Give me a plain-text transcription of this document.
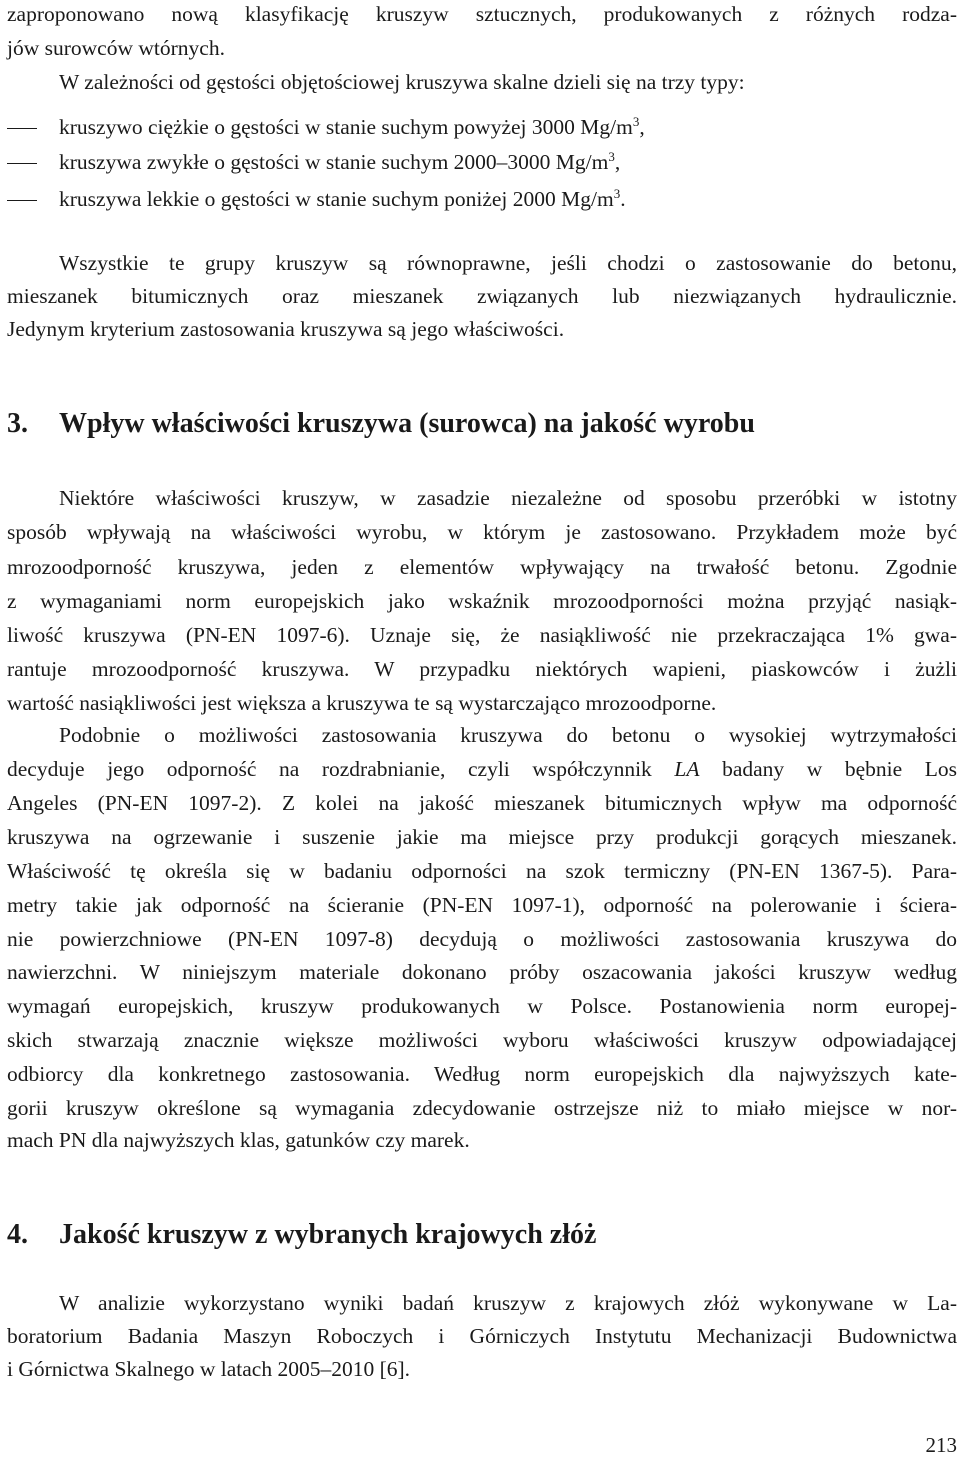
zaproponowano nową klasyfikację kruszyw sztucznych, produkowanych z różnych rodza-
jów surowców wtórnych.
W zależności od gęstości objętościowej kruszywa skalne dzieli się na trzy typy:
kruszywo ciężkie o gęstości w stanie suchym powyżej 3000 $Mg/m^3$,
kruszywa zwykłe o gęstości w stanie suchym 2000–3000 $Mg/m^3$,
kruszywa lekkie o gęstości w stanie suchym poniżej 2000 $Mg/m^3$.
Wszystkie te grupy kruszyw są równoprawne, jeśli chodzi o zastosowanie do betonu,
mieszanek bitumicznych oraz mieszanek związanych lub niezwiązanych hydraulicznie.
Jedynym kryterium zastosowania kruszywa są jego właściwości.
3. Wpływ właściwości kruszywa (surowca) na jakość wyrobu
Niektóre właściwości kruszyw, w zasadzie niezależne od sposobu przeróbki w istotny
sposób wpływają na właściwości wyrobu, w którym je zastosowano. Przykładem może być
mrozoodporność kruszywa, jeden z elementów wpływający na trwałość betonu. Zgodnie
z wymaganiami norm europejskich jako wskaźnik mrozoodporności można przyjąć nasiąk-
liwość kruszywa (PN-EN 1097-6). Uznaje się, że nasiąkliwość nie przekraczająca 1% gwa-
rantuje mrozoodporność kruszywa. W przypadku niektórych wapieni, piaskowców i żużli
wartość nasiąkliwości jest większa a kruszywa te są wystarczająco mrozoodporne.
Podobnie o możliwości zastosowania kruszywa do betonu o wysokiej wytrzymałości
decyduje jego odporność na rozdrabnianie, czyli współczynnik LA badany w bębnie Los
Angeles (PN-EN 1097-2). Z kolei na jakość mieszanek bitumicznych wpływ ma odporność
kruszywa na ogrzewanie i suszenie jakie ma miejsce przy produkcji gorących mieszanek.
Właściwość tę określa się w badaniu odporności na szok termiczny (PN-EN 1367-5). Para-
metry takie jak odporność na ścieranie (PN-EN 1097-1), odporność na polerowanie i ściera-
nie powierzchniowe (PN-EN 1097-8) decydują o możliwości zastosowania kruszywa do
nawierzchni. W niniejszym materiale dokonano próby oszacowania jakości kruszyw według
wymagań europejskich, kruszyw produkowanych w Polsce. Postanowienia norm europej-
skich stwarzają znacznie większe możliwości wyboru właściwości kruszyw odpowiadającej
odbiorcy dla konkretnego zastosowania. Według norm europejskich dla najwyższych kate-
gorii kruszyw określone są wymagania zdecydowanie ostrzejsze niż to miało miejsce w nor-
mach PN dla najwyższych klas, gatunków czy marek.
4. Jakość kruszyw z wybranych krajowych złóż
W analizie wykorzystano wyniki badań kruszyw z krajowych złóż wykonywane w La-
boratorium Badania Maszyn Roboczych i Górniczych Instytutu Mechanizacji Budownictwa
i Górnictwa Skalnego w latach 2005–2010 [6].
213
